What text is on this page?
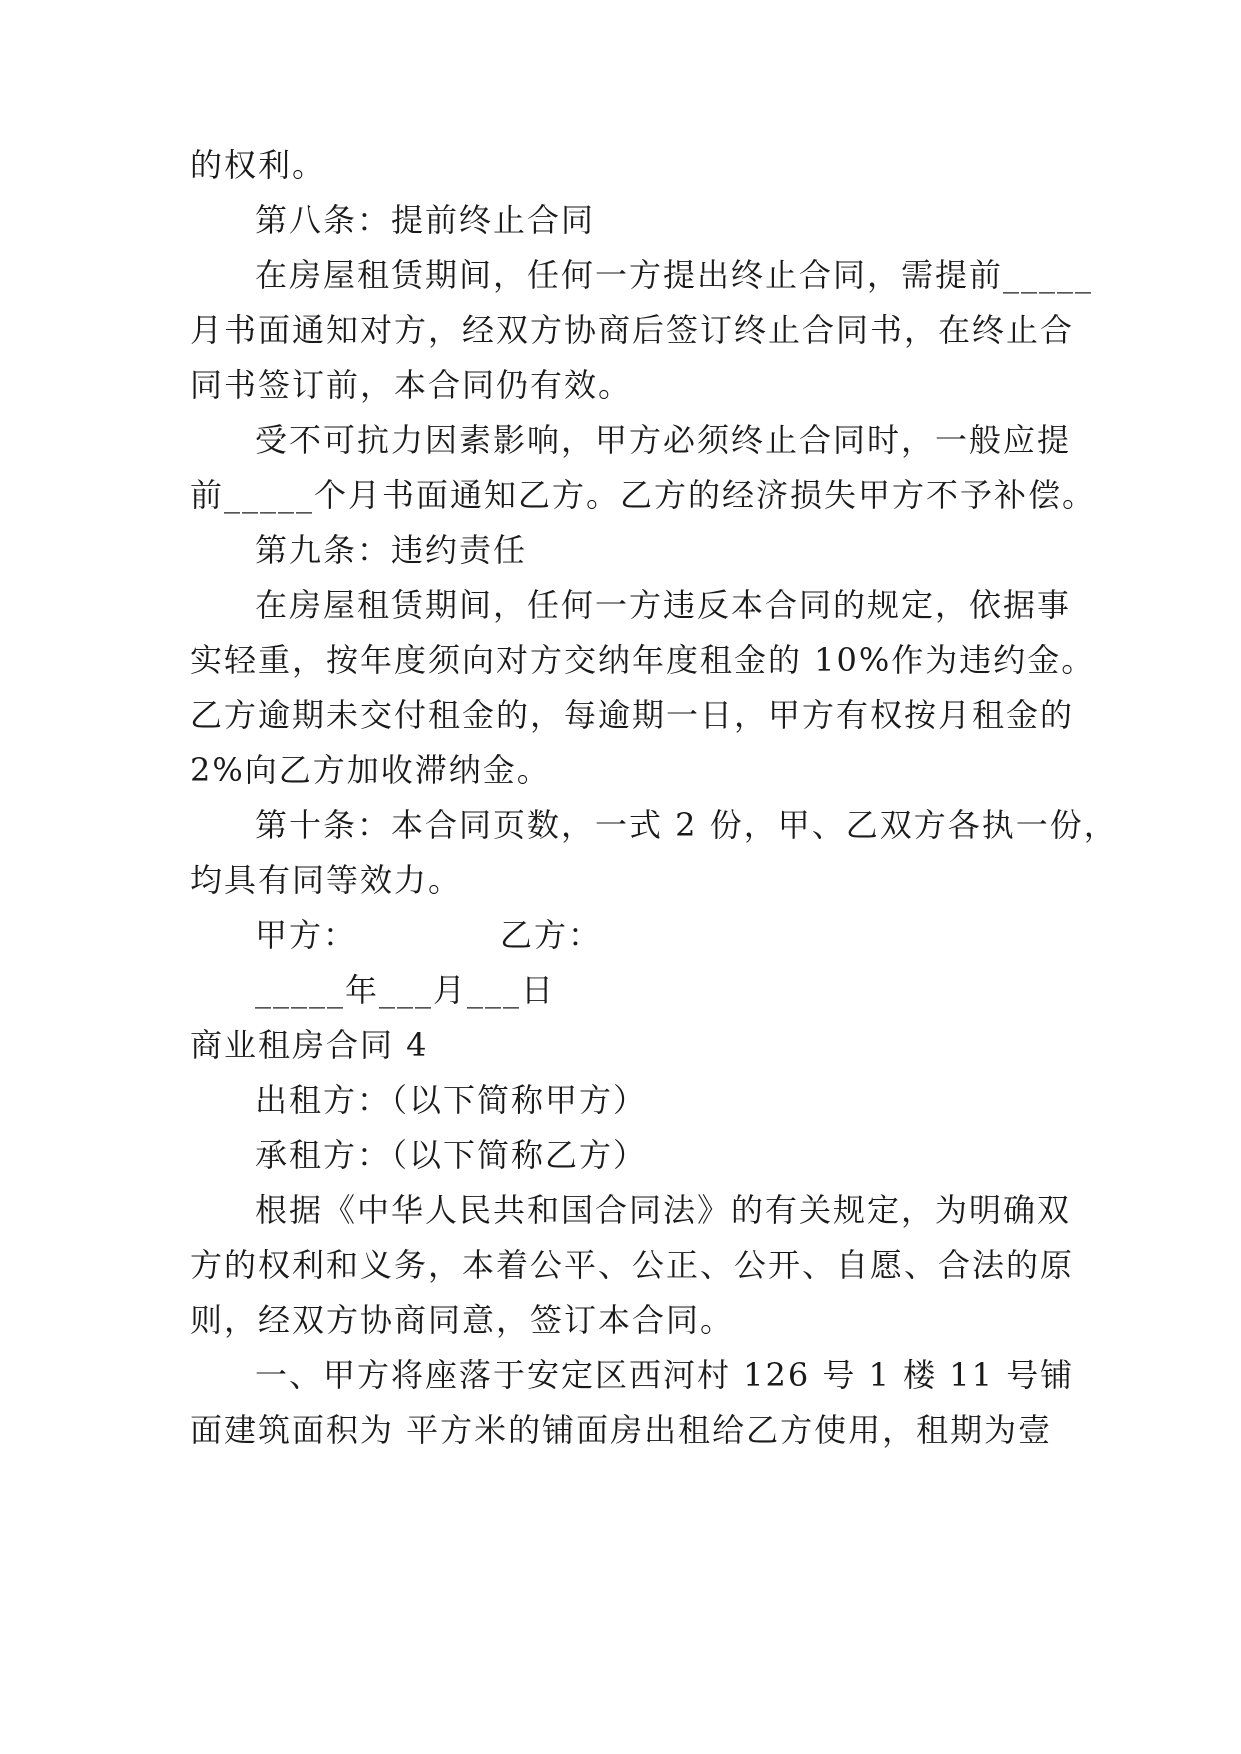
的权利。
第八条：提前终止合同
在房屋租赁期间，任何一方提出终止合同，需提前_____
月书面通知对方，经双方协商后签订终止合同书，在终止合
同书签订前，本合同仍有效。
受不可抗力因素影响，甲方必须终止合同时，一般应提
前_____个月书面通知乙方。乙方的经济损失甲方不予补偿。
第九条：违约责任
在房屋租赁期间，任何一方违反本合同的规定，依据事
实轻重，按年度须向对方交纳年度租金的 10%作为违约金。
乙方逾期未交付租金的，每逾期一日，甲方有权按月租金的
2%向乙方加收滞纳金。
第十条：本合同页数，一式 2 份，甲、乙双方各执一份，
均具有同等效力。
甲方：	乙方：
_____年___月___日
商业租房合同 4
出租方：（以下简称甲方）
承租方：（以下简称乙方）
根据《中华人民共和国合同法》的有关规定，为明确双
方的权利和义务，本着公平、公正、公开、自愿、合法的原
则，经双方协商同意，签订本合同。
一、甲方将座落于安定区西河村 126 号 1 楼 11 号铺
面建筑面积为 平方米的铺面房出租给乙方使用，租期为壹
